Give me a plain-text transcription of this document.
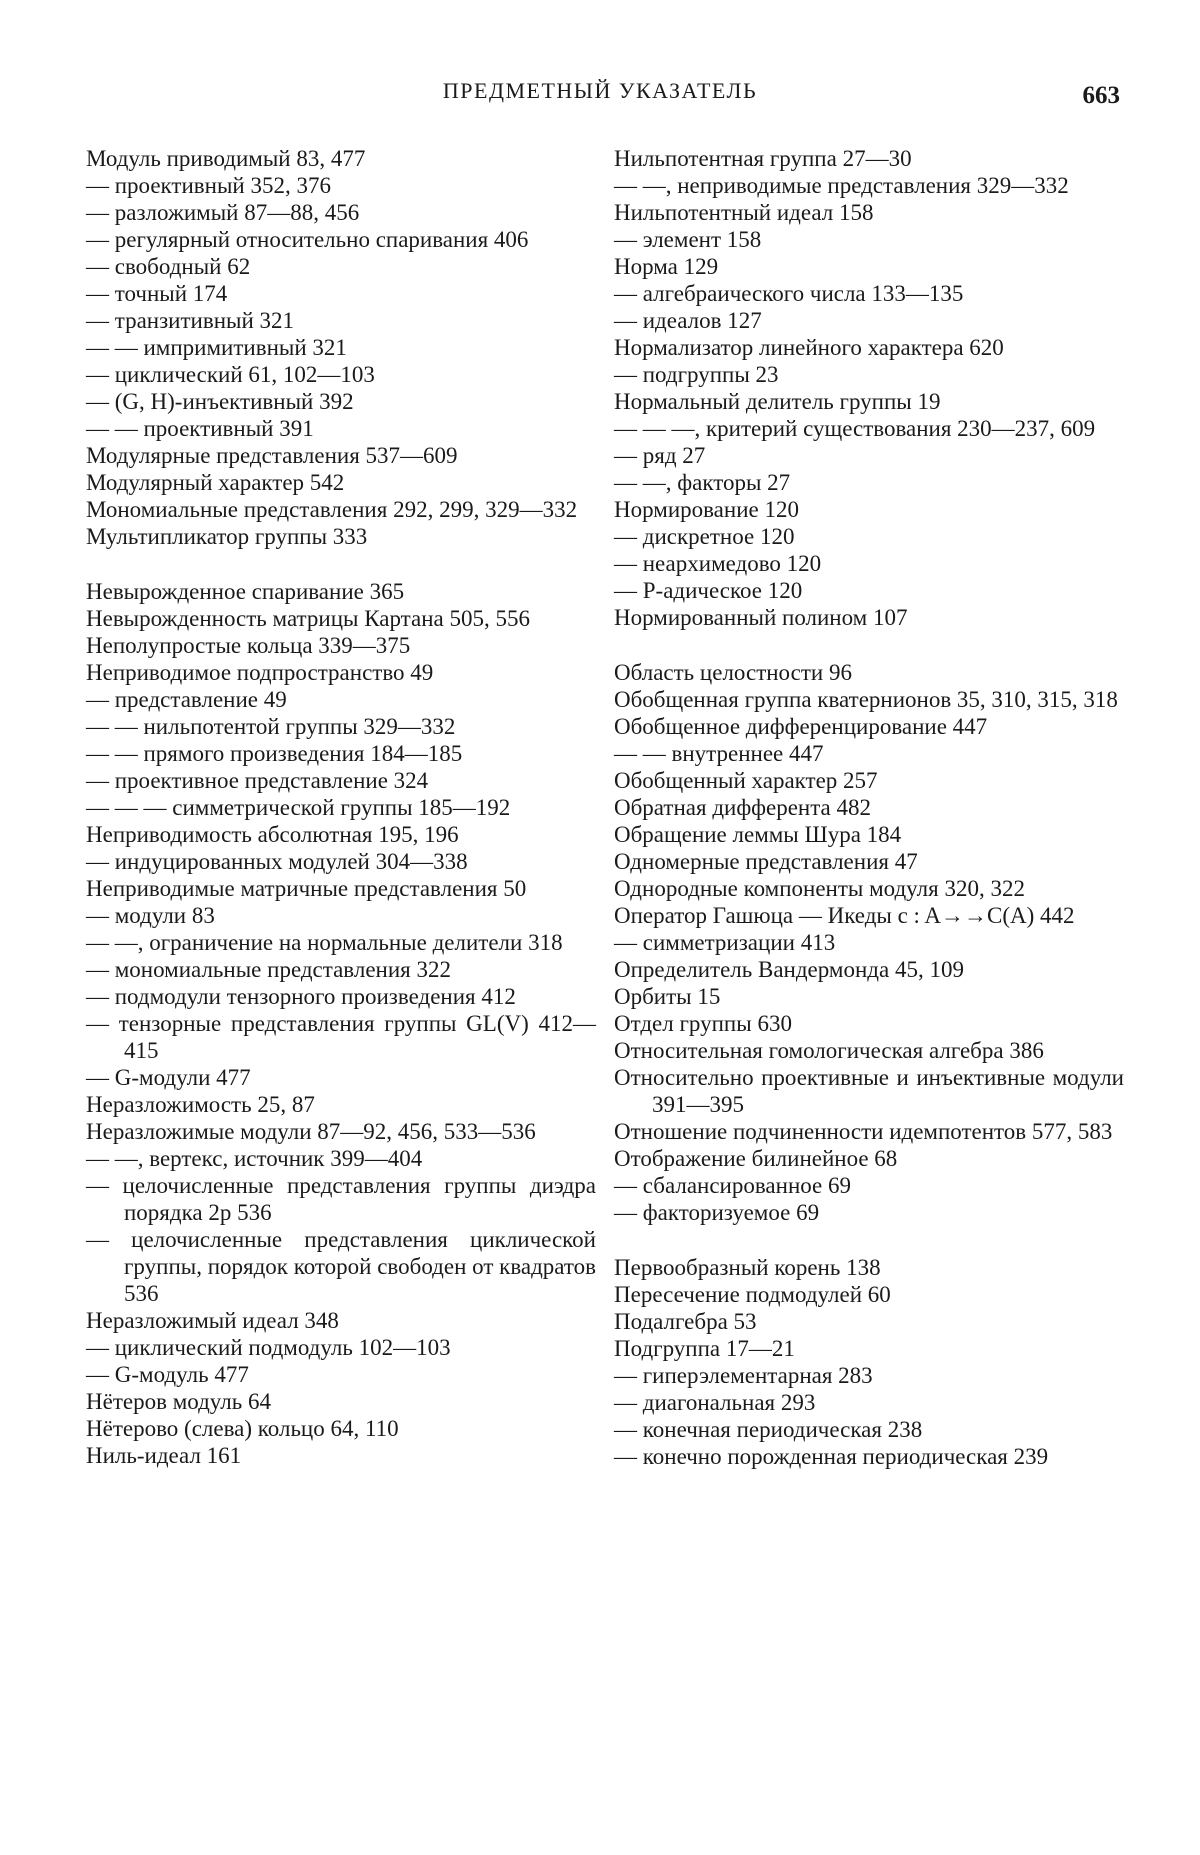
ПРЕДМЕТНЫЙ УКАЗАТЕЛЬ	663
Модуль приводимый 83, 477
— проективный 352, 376
— разложимый 87—88, 456
— регулярный относительно спаривания 406
— свободный 62
— точный 174
— транзитивный 321
— — импримитивный 321
— циклический 61, 102—103
— (G, H)-инъективный 392
— — проективный 391
Модулярные представления 537—609
Модулярный характер 542
Мономиальные представления 292, 299, 329—332
Мультипликатор группы 333
Невырожденное спаривание 365
Невырожденность матрицы Картана 505, 556
Неполупростые кольца 339—375
Неприводимое подпространство 49
— представление 49
— — нильпотентой группы 329—332
— — прямого произведения 184—185
— проективное представление 324
— — — симметрической группы 185—192
Неприводимость абсолютная 195, 196
— индуцированных модулей 304—338
Неприводимые матричные представления 50
— модули 83
— —, ограничение на нормальные делители 318
— мономиальные представления 322
— подмодули тензорного произведения 412
— тензорные представления группы GL(V) 412—415
— G-модули 477
Неразложимость 25, 87
Неразложимые модули 87—92, 456, 533—536
— —, вертекс, источник 399—404
— целочисленные представления группы диэдра порядка 2p 536
— целочисленные представления циклической группы, порядок которой свободен от квадратов 536
Неразложимый идеал 348
— циклический подмодуль 102—103
— G-модуль 477
Нётеров модуль 64
Нётерово (слева) кольцо 64, 110
Ниль-идеал 161
Нильпотентная группа 27—30
— —, неприводимые представления 329—332
Нильпотентный идеал 158
— элемент 158
Норма 129
— алгебраического числа 133—135
— идеалов 127
Нормализатор линейного характера 620
— подгруппы 23
Нормальный делитель группы 19
— — —, критерий существования 230—237, 609
— ряд 27
— —, факторы 27
Нормирование 120
— дискретное 120
— неархимедово 120
— P-адическое 120
Нормированный полином 107
Область целостности 96
Обобщенная группа кватернионов 35, 310, 315, 318
Обобщенное дифференцирование 447
— — внутреннее 447
Обобщенный характер 257
Обратная дифферента 482
Обращение леммы Шура 184
Одномерные представления 47
Однородные компоненты модуля 320, 322
Оператор Гашюца — Икеды c : A→→C(A) 442
— симметризации 413
Определитель Вандермонда 45, 109
Орбиты 15
Отдел группы 630
Относительная гомологическая алгебра 386
Относительно проективные и инъективные модули 391—395
Отношение подчиненности идемпотентов 577, 583
Отображение билинейное 68
— сбалансированное 69
— факторизуемое 69
Первообразный корень 138
Пересечение подмодулей 60
Подалгебра 53
Подгруппа 17—21
— гиперэлементарная 283
— диагональная 293
— конечная периодическая 238
— конечно порожденная периодическая 239
